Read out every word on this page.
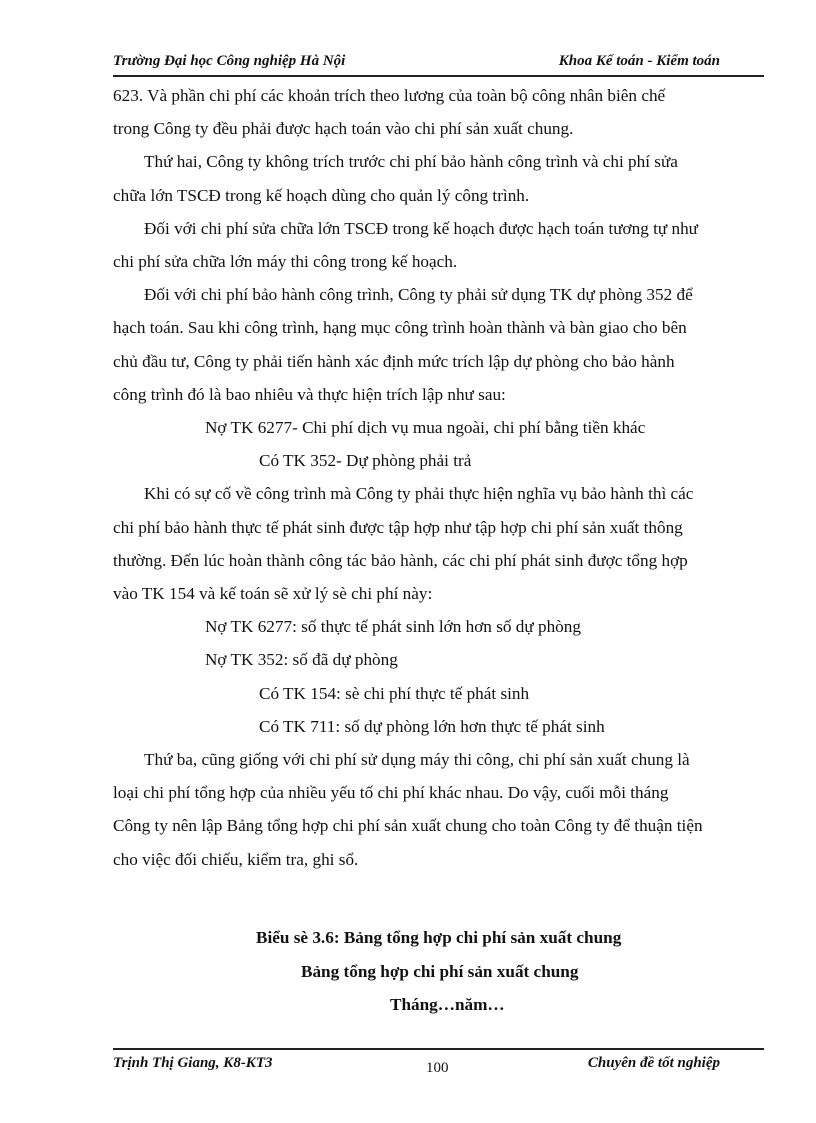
Trường Đại học Công nghiệp Hà Nội	Khoa Kế toán - Kiểm toán

623. Và phần chi phí các khoản trích theo lương của toàn bộ công nhân biên chế

trong Công ty đều phải được hạch toán vào chi phí sản xuất chung.

Thứ hai, Công ty không trích trước chi phí bảo hành công trình và chi phí sửa

chữa lớn TSCĐ trong kế hoạch dùng cho quản lý công trình.

Đối với chi phí sửa chữa lớn TSCĐ trong kế hoạch được hạch toán tương tự như

chi phí sửa chữa lớn máy thi công trong kế hoạch.

Đối với chi phí bảo hành công trình, Công ty phải sử dụng TK dự phòng 352 để

hạch toán. Sau khi công trình, hạng mục công trình hoàn thành và bàn giao cho bên

chủ đầu tư, Công ty phải tiến hành xác định mức trích lập dự phòng cho bảo hành

công trình đó là bao nhiêu và thực hiện trích lập như sau:

Nợ TK 6277- Chi phí dịch vụ mua ngoài, chi phí bằng tiền khác

Có TK 352- Dự phòng phải trả

Khi có sự cố về công trình mà Công ty phải thực hiện nghĩa vụ bảo hành thì các

chi phí bảo hành thực tế phát sinh được tập hợp như tập hợp chi phí sản xuất thông

thường. Đến lúc hoàn thành công tác bảo hành, các chi phí phát sinh được tổng hợp

vào TK 154 và kế toán sẽ xử lý sè chi phí này:

Nợ TK 6277: số thực tế phát sinh lớn hơn số dự phòng

Nợ TK 352: số đã dự phòng

Có TK 154: sè chi phí thực tế phát sinh

Có TK 711: số dự phòng lớn hơn thực tế phát sinh

Thứ ba, cũng giống với chi phí sử dụng máy thi công, chi phí sản xuất chung là

loại chi phí tổng hợp của nhiều yếu tố chi phí khác nhau. Do vậy, cuối mỗi tháng

Công ty nên lập Bảng tổng hợp chi phí sản xuất chung cho toàn Công ty để thuận tiện

cho việc đối chiếu, kiểm tra, ghi sổ.

Biểu sè 3.6: Bảng tổng hợp chi phí sản xuất chung
Bảng tổng hợp chi phí sản xuất chung
Tháng…năm…
Trịnh Thị Giang, K8-KT3	100	Chuyên đề tốt nghiệp
